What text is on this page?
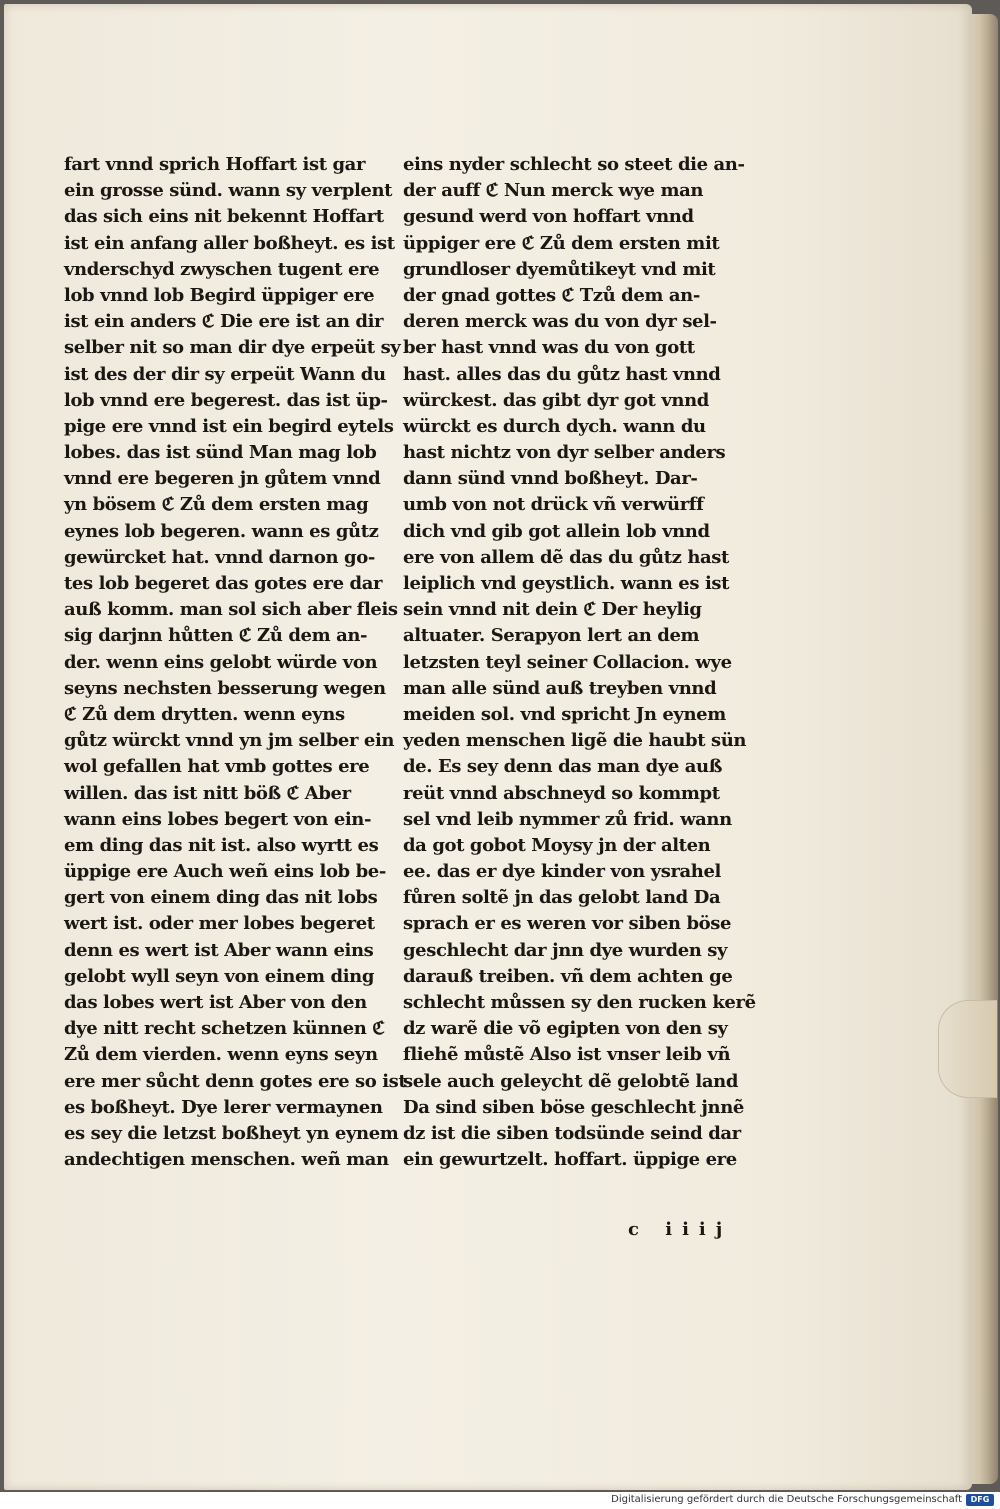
fart vnnd sprich Hoffart ist gar
ein grosse sünd. wann sy verplent
das sich eins nit bekennt Hoffart
ist ein anfang aller boßheyt. es ist
vnderschyd zwyschen tugent ere
lob vnnd lob Begird üppiger ere
ist ein anders ℭ Die ere ist an dir
selber nit so man dir dye erpeüt sy
ist des der dir sy erpeüt Wann du
lob vnnd ere begerest. das ist üp-
pige ere vnnd ist ein begird eytels
lobes. das ist sünd Man mag lob
vnnd ere begeren jn gůtem vnnd
yn bösem ℭ Zů dem ersten mag
eynes lob begeren. wann es gůtz
gewürcket hat. vnnd darnon go-
tes lob begeret das gotes ere dar
auß komm. man sol sich aber fleis
sig darjnn hůtten ℭ Zů dem an-
der. wenn eins gelobt würde von
seyns nechsten besserung wegen
ℭ Zů dem drytten. wenn eyns
gůtz würckt vnnd yn jm selber ein
wol gefallen hat vmb gottes ere
willen. das ist nitt böß ℭ Aber
wann eins lobes begert von ein-
em ding das nit ist. also wyrtt es
üppige ere Auch weñ eins lob be-
gert von einem ding das nit lobs
wert ist. oder mer lobes begeret
denn es wert ist Aber wann eins
gelobt wyll seyn von einem ding
das lobes wert ist Aber von den
dye nitt recht schetzen künnen ℭ
Zů dem vierden. wenn eyns seyn
ere mer sůcht denn gotes ere so ist
es boßheyt. Dye lerer vermaynen
es sey die letzst boßheyt yn eynem
andechtigen menschen. weñ man
eins nyder schlecht so steet die an-
der auff ℭ Nun merck wye man
gesund werd von hoffart vnnd
üppiger ere ℭ Zů dem ersten mit
grundloser dyemůtikeyt vnd mit
der gnad gottes ℭ Tzů dem an-
deren merck was du von dyr sel-
ber hast vnnd was du von gott
hast. alles das du gůtz hast vnnd
würckest. das gibt dyr got vnnd
würckt es durch dych. wann du
hast nichtz von dyr selber anders
dann sünd vnnd boßheyt. Dar-
umb von not drück vñ verwürff
dich vnd gib got allein lob vnnd
ere von allem dẽ das du gůtz hast
leiplich vnd geystlich. wann es ist
sein vnnd nit dein ℭ Der heylig
altuater. Serapyon lert an dem
letzsten teyl seiner Collacion. wye
man alle sünd auß treyben vnnd
meiden sol. vnd spricht Jn eynem
yeden menschen ligẽ die haubt sün
de. Es sey denn das man dye auß
reüt vnnd abschneyd so kommpt
sel vnd leib nymmer zů frid. wann
da got gobot Moysy jn der alten
ee. das er dye kinder von ysrahel
fůren soltẽ jn das gelobt land Da
sprach er es weren vor siben böse
geschlecht dar jnn dye wurden sy
darauß treiben. vñ dem achten ge
schlecht můssen sy den rucken kerẽ
dz warẽ die võ egipten von den sy
fliehẽ můstẽ Also ist vnser leib vñ
sele auch geleycht dẽ gelobtẽ land
Da sind siben böse geschlecht jnnẽ
dz ist die siben todsünde seind dar
ein gewurtzelt. hoffart. üppige ere
c iiij
Digitalisierung gefördert durch die Deutsche Forschungsgemeinschaft	DFG
